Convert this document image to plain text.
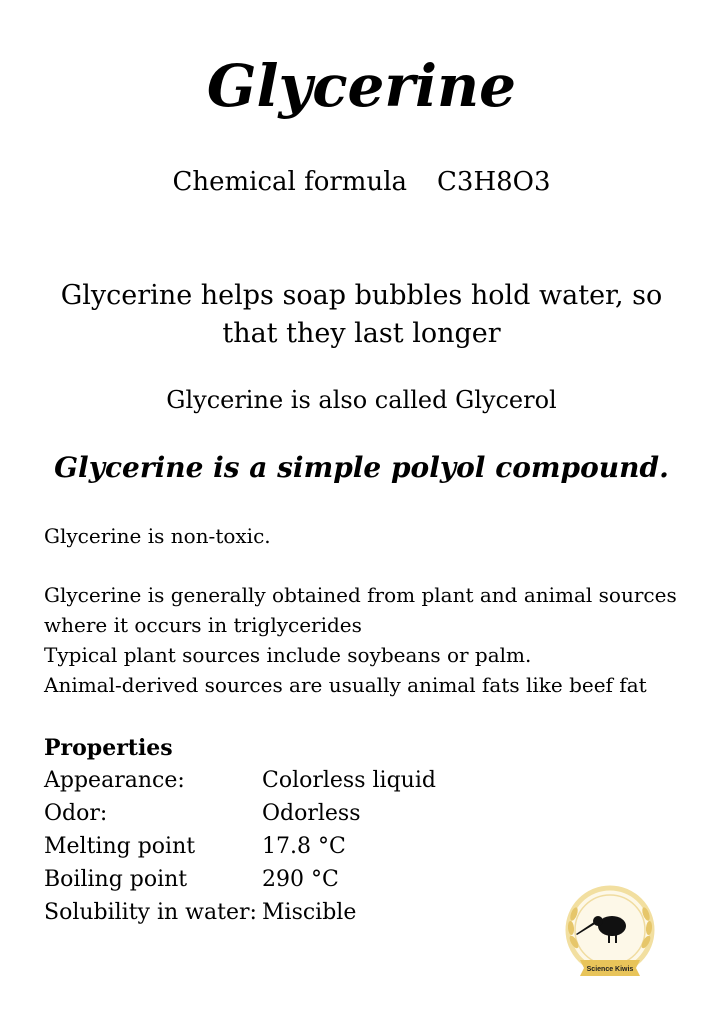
Glycerine
Chemical formula C3H8O3
Glycerine helps soap bubbles hold water, so that they last longer
Glycerine is also called Glycerol
Glycerine is a simple polyol compound.
Glycerine is non-toxic.
Glycerine is generally obtained from plant and animal sources where it occurs in triglycerides
Typical plant sources include soybeans or palm.
Animal-derived sources are usually animal fats like beef fat
Properties
Appearance:	Colorless liquid
Odor:	Odorless
Melting point	17.8 °C
Boiling point	290 °C
Solubility in water: Miscible
Science Kiwis
